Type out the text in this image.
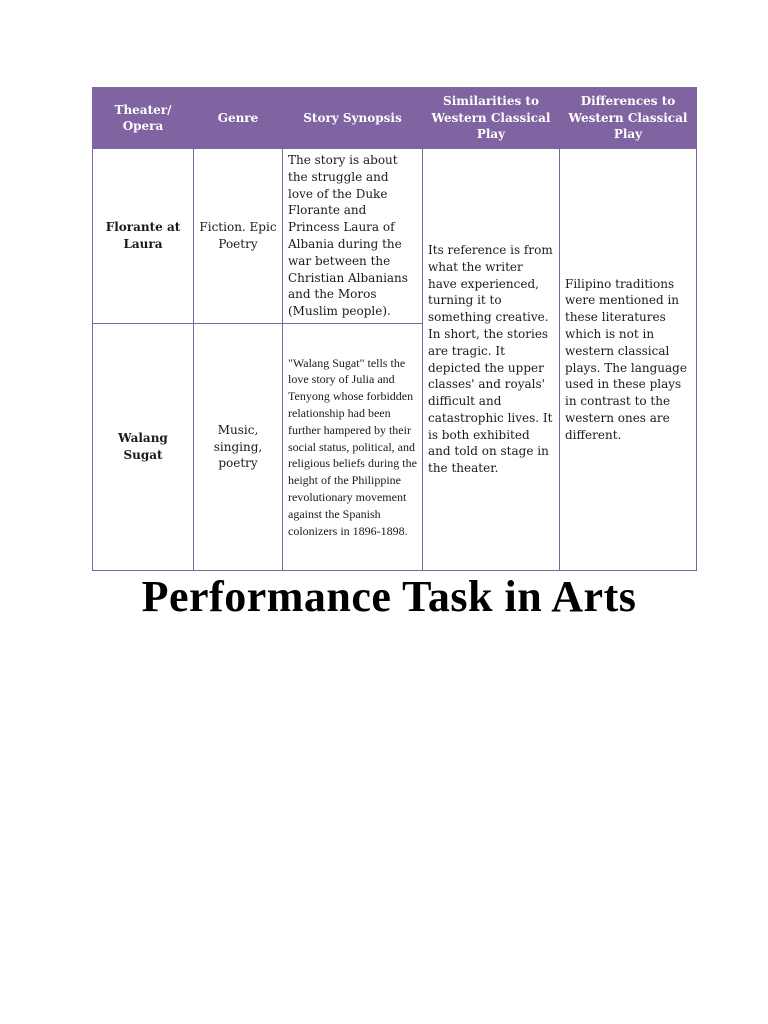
Theater/ Opera	Genre	Story Synopsis	Similarities to Western Classical Play	Differences to Western Classical Play
Florante at Laura	Fiction. Epic Poetry	The story is about the struggle and love of the Duke Florante and Princess Laura of Albania during the war between the Christian Albanians and the Moros (Muslim people).	Its reference is from what the writer have experienced, turning it to something creative. In short, the stories are tragic. It depicted the upper classes' and royals' difficult and catastrophic lives. It is both exhibited and told on stage in the theater.	Filipino traditions were mentioned in these literatures which is not in western classical plays. The language used in these plays in contrast to the western ones are different.
Walang Sugat	Music, singing, poetry	"Walang Sugat" tells the love story of Julia and Tenyong whose forbidden relationship had been further hampered by their social status, political, and religious beliefs during the height of the Philippine revolutionary movement against the Spanish colonizers in 1896-1898.		
Performance Task in Arts
